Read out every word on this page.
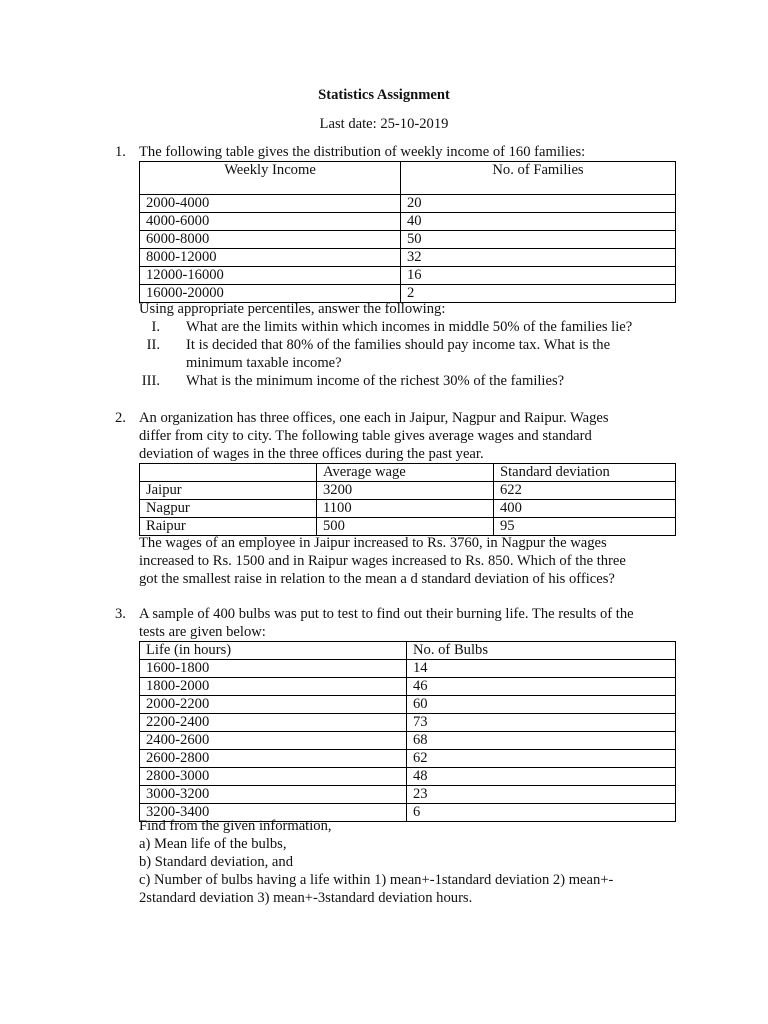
Statistics Assignment
Last date: 25-10-2019
1. The following table gives the distribution of weekly income of 160 families:
Weekly Income	No. of Families
2000-4000	20
4000-6000	40
6000-8000	50
8000-12000	32
12000-16000	16
16000-20000	2
Using appropriate percentiles, answer the following:
I. What are the limits within which incomes in middle 50% of the families lie?
II. It is decided that 80% of the families should pay income tax. What is the
minimum taxable income?
III. What is the minimum income of the richest 30% of the families?
2. An organization has three offices, one each in Jaipur, Nagpur and Raipur. Wages
differ from city to city. The following table gives average wages and standard
deviation of wages in the three offices during the past year.
	Average wage	Standard deviation
Jaipur	3200	622
Nagpur	1100	400
Raipur	500	95
The wages of an employee in Jaipur increased to Rs. 3760, in Nagpur the wages
increased to Rs. 1500 and in Raipur wages increased to Rs. 850. Which of the three
got the smallest raise in relation to the mean a d standard deviation of his offices?
3. A sample of 400 bulbs was put to test to find out their burning life. The results of the
tests are given below:
Life (in hours)	No. of Bulbs
1600-1800	14
1800-2000	46
2000-2200	60
2200-2400	73
2400-2600	68
2600-2800	62
2800-3000	48
3000-3200	23
3200-3400	6
Find from the given information,
a) Mean life of the bulbs,
b) Standard deviation, and
c) Number of bulbs having a life within 1) mean+-1standard deviation 2) mean+-
2standard deviation 3) mean+-3standard deviation hours.
